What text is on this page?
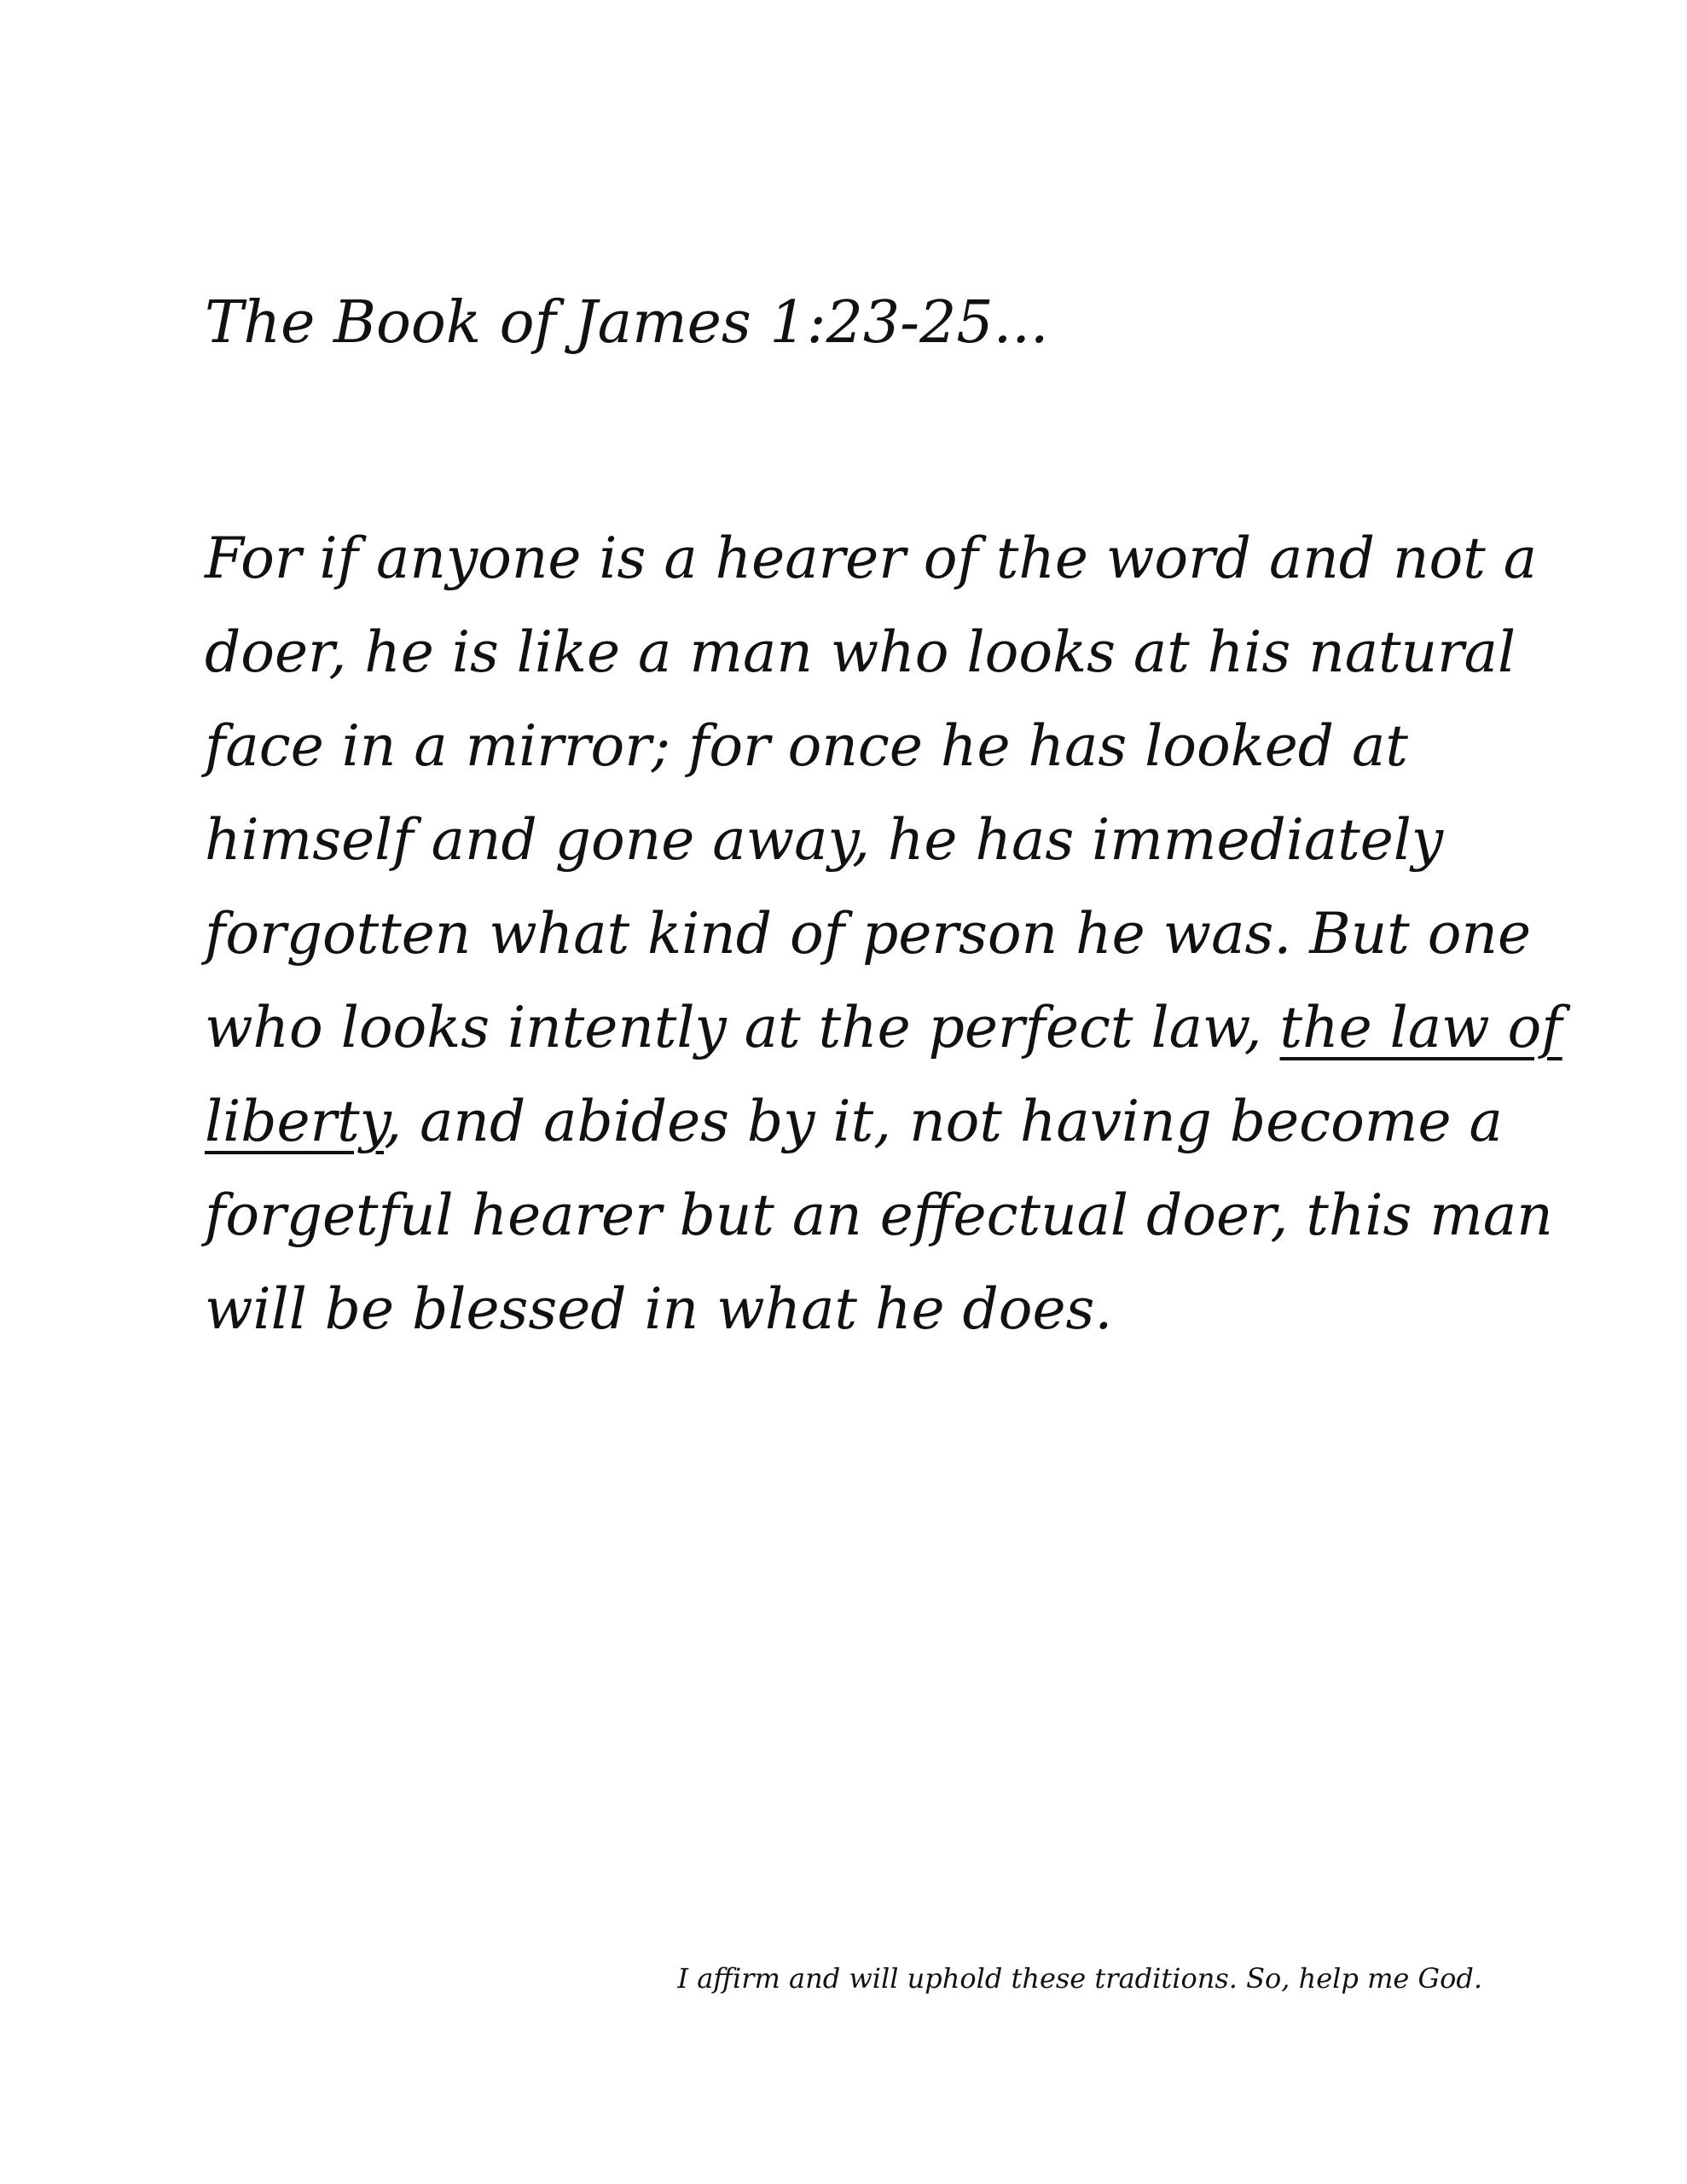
The Book of James 1:23-25...
For if anyone is a hearer of the word and not a
doer, he is like a man who looks at his natural
face in a mirror; for once he has looked at
himself and gone away, he has immediately
forgotten what kind of person he was. But one
who looks intently at the perfect law, the law of
liberty, and abides by it, not having become a
forgetful hearer but an effectual doer, this man
will be blessed in what he does.

I affirm and will uphold these traditions. So, help me God.
